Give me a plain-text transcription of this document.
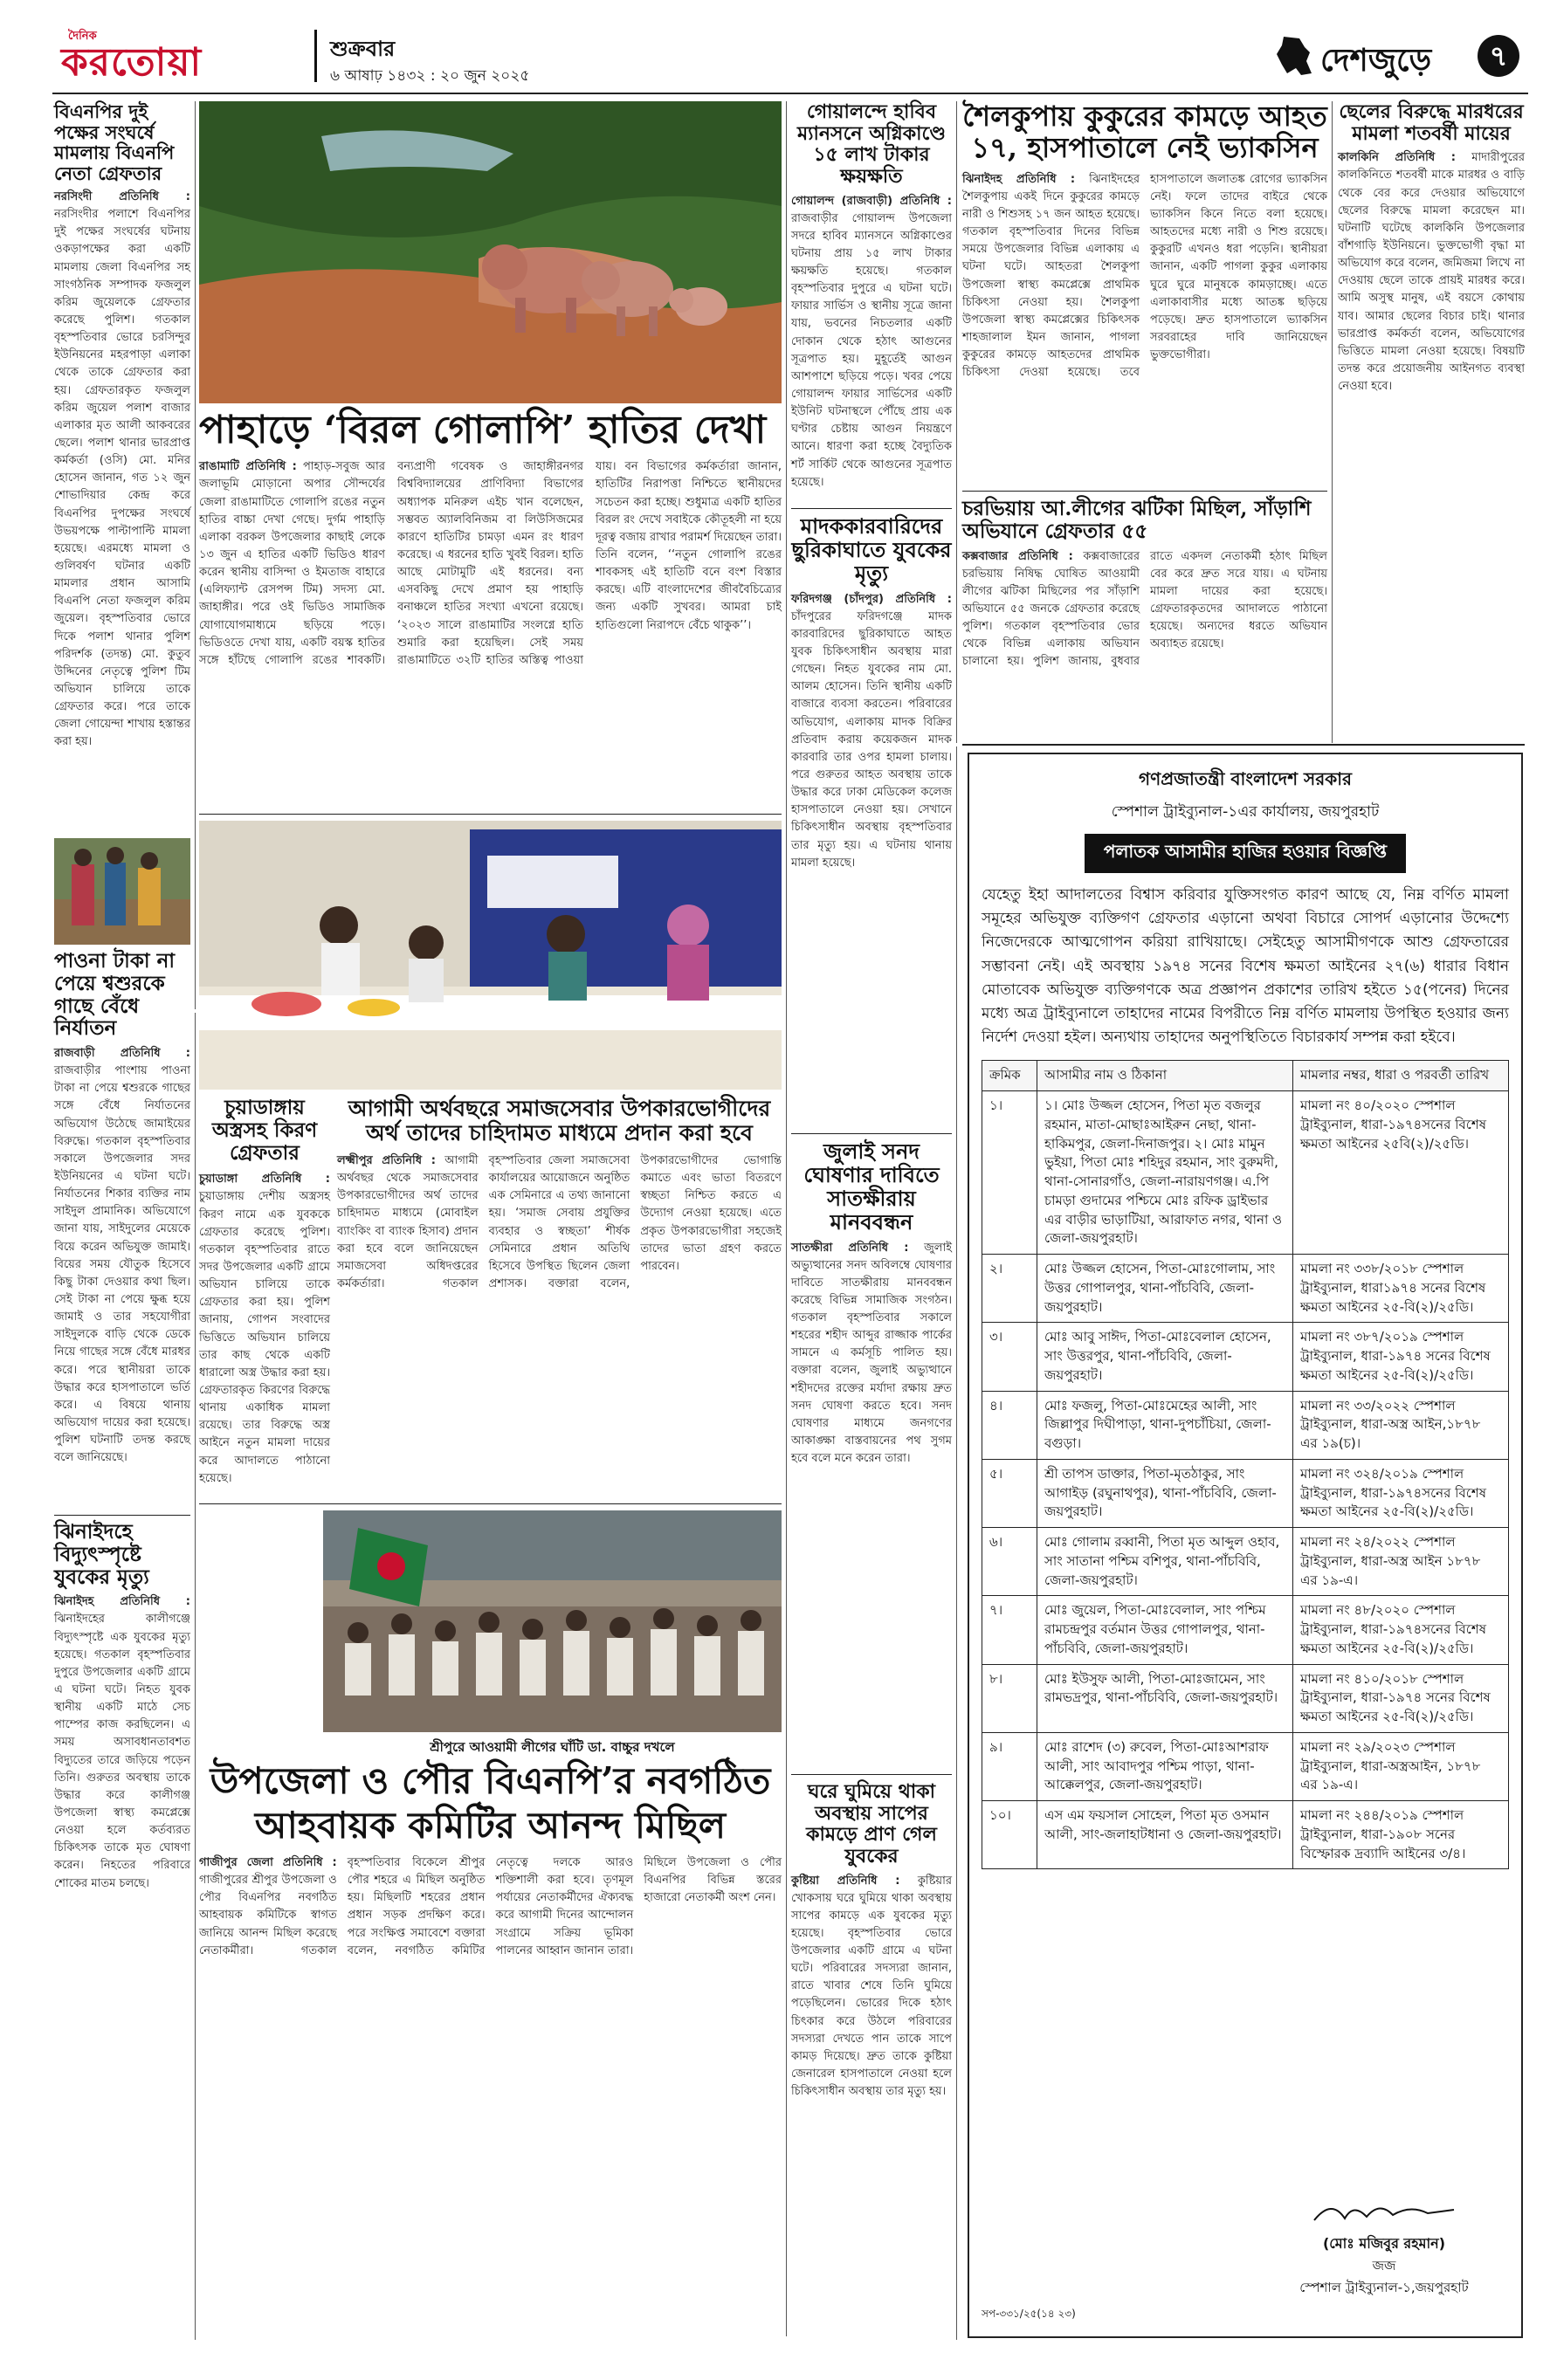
দৈনিক
করতোয়া	শুক্রবার
৬ আষাঢ় ১৪৩২ : ২০ জুন ২০২৫	দেশজুড়ে	৭
বিএনপির দুই পক্ষের সংঘর্ষে মামলায় বিএনপি নেতা গ্রেফতার
নরসিংদী প্রতিনিধি : নরসিংদীর পলাশে বিএনপির দুই পক্ষের সংঘর্ষের ঘটনায় ওকড়াপক্ষের করা একটি মামলায় জেলা বিএনপির সহ সাংগঠনিক সম্পাদক ফজলুল করিম জুয়েলকে গ্রেফতার করেছে পুলিশ। গতকাল বৃহস্পতিবার ভোরে চরসিন্দুর ইউনিয়নের মহরপাড়া এলাকা থেকে তাকে গ্রেফতার করা হয়। গ্রেফতারকৃত ফজলুল করিম জুয়েল পলাশ বাজার এলাকার মৃত আলী আকবরের ছেলে। পলাশ থানার ভারপ্রাপ্ত কর্মকর্তা (ওসি) মো. মনির হোসেন জানান, গত ১২ জুন শোভাদিয়ার কেন্দ্র করে বিএনপির দুপক্ষের সংঘর্ষে উভয়পক্ষে পাল্টাপাল্টি মামলা হয়েছে। এরমধ্যে মামলা ও গুলিবর্ষণ ঘটনার একটি মামলার প্রধান আসামি বিএনপি নেতা ফজলুল করিম জুয়েল। বৃহস্পতিবার ভোরে দিকে পলাশ থানার পুলিশ পরিদর্শক (তদন্ত) মো. কুতুব উদ্দিনের নেতৃত্বে পুলিশ টিম অভিযান চালিয়ে তাকে গ্রেফতার করে। পরে তাকে জেলা গোয়েন্দা শাখায় হস্তান্তর করা হয়।
পাওনা টাকা না পেয়ে শ্বশুরকে গাছে বেঁধে নির্যাতন
রাজবাড়ী প্রতিনিধি : রাজবাড়ীর পাংশায় পাওনা টাকা না পেয়ে শ্বশুরকে গাছের সঙ্গে বেঁধে নির্যাতনের অভিযোগ উঠেছে জামাইয়ের বিরুদ্ধে। গতকাল বৃহস্পতিবার সকালে উপজেলার সদর ইউনিয়নের এ ঘটনা ঘটে। নির্যাতনের শিকার ব্যক্তির নাম সাইদুল প্রামানিক। অভিযোগে জানা যায়, সাইদুলের মেয়েকে বিয়ে করেন অভিযুক্ত জামাই। বিয়ের সময় যৌতুক হিসেবে কিছু টাকা দেওয়ার কথা ছিল। সেই টাকা না পেয়ে ক্ষুব্ধ হয়ে জামাই ও তার সহযোগীরা সাইদুলকে বাড়ি থেকে ডেকে নিয়ে গাছের সঙ্গে বেঁধে মারধর করে। পরে স্থানীয়রা তাকে উদ্ধার করে হাসপাতালে ভর্তি করে। এ বিষয়ে থানায় অভিযোগ দায়ের করা হয়েছে। পুলিশ ঘটনাটি তদন্ত করছে বলে জানিয়েছে।
ঝিনাইদহে বিদ্যুৎস্পৃষ্টে যুবকের মৃত্যু
ঝিনাইদহ প্রতিনিধি : ঝিনাইদহের কালীগঞ্জে বিদ্যুৎস্পৃষ্টে এক যুবকের মৃত্যু হয়েছে। গতকাল বৃহস্পতিবার দুপুরে উপজেলার একটি গ্রামে এ ঘটনা ঘটে। নিহত যুবক স্থানীয় একটি মাঠে সেচ পাম্পের কাজ করছিলেন। এ সময় অসাবধানতাবশত বিদ্যুতের তারে জড়িয়ে পড়েন তিনি। গুরুতর অবস্থায় তাকে উদ্ধার করে কালীগঞ্জ উপজেলা স্বাস্থ্য কমপ্লেক্সে নেওয়া হলে কর্তব্যরত চিকিৎসক তাকে মৃত ঘোষণা করেন। নিহতের পরিবারে শোকের মাতম চলছে।
পাহাড়ে ‘বিরল গোলাপি’ হাতির দেখা
রাঙামাটি প্রতিনিধি : পাহাড়-সবুজ আর জলাভূমি মোড়ানো অপার সৌন্দর্যের জেলা রাঙামাটিতে গোলাপি রঙের নতুন হাতির বাচ্চা দেখা গেছে। দুর্গম পাহাড়ি এলাকা বরকল উপজেলার কাছাই লেকে ১৩ জুন এ হাতির একটি ভিডিও ধারণ করেন স্থানীয় বাসিন্দা ও ইমতাজ বাহারে (এলিফ্যান্ট রেসপন্স টিম) সদস্য মো. জাহাঙ্গীর। পরে ওই ভিডিও সামাজিক যোগাযোগমাধ্যমে ছড়িয়ে পড়ে। ভিডিওতে দেখা যায়, একটি বয়স্ক হাতির সঙ্গে হাঁটছে গোলাপি রঙের শাবকটি। বন্যপ্রাণী গবেষক ও জাহাঙ্গীরনগর বিশ্ববিদ্যালয়ের প্রাণিবিদ্যা বিভাগের অধ্যাপক মনিরুল এইচ খান বলেছেন, সম্ভবত অ্যালবিনিজম বা লিউসিজমের কারণে হাতিটির চামড়া এমন রং ধারণ করেছে। এ ধরনের হাতি খুবই বিরল। হাতি আছে মোটামুটি এই ধরনের। বন্য এসবকিছু দেখে প্রমাণ হয় পাহাড়ি বনাঞ্চলে হাতির সংখ্যা এখনো রয়েছে। ‘২০২৩ সালে রাঙামাটির সংলগ্নে হাতি শুমারি করা হয়েছিল। সেই সময় রাঙামাটিতে ৩২টি হাতির অস্তিত্ব পাওয়া যায়। বন বিভাগের কর্মকর্তারা জানান, হাতিটির নিরাপত্তা নিশ্চিতে স্থানীয়দের সচেতন করা হচ্ছে। শুধুমাত্র একটি হাতির বিরল রং দেখে সবাইকে কৌতূহলী না হয়ে দূরত্ব বজায় রাখার পরামর্শ দিয়েছেন তারা। তিনি বলেন, ‘‘নতুন গোলাপি রঙের শাবকসহ এই হাতিটি বনে বংশ বিস্তার করছে। এটি বাংলাদেশের জীববৈচিত্র্যের জন্য একটি সুখবর। আমরা চাই হাতিগুলো নিরাপদে বেঁচে থাকুক’’।
চুয়াডাঙ্গায় অস্ত্রসহ কিরণ গ্রেফতার
চুয়াডাঙ্গা প্রতিনিধি : চুয়াডাঙ্গায় দেশীয় অস্ত্রসহ কিরণ নামে এক যুবককে গ্রেফতার করেছে পুলিশ। গতকাল বৃহস্পতিবার রাতে সদর উপজেলার একটি গ্রামে অভিযান চালিয়ে তাকে গ্রেফতার করা হয়। পুলিশ জানায়, গোপন সংবাদের ভিত্তিতে অভিযান চালিয়ে তার কাছ থেকে একটি ধারালো অস্ত্র উদ্ধার করা হয়। গ্রেফতারকৃত কিরণের বিরুদ্ধে থানায় একাধিক মামলা রয়েছে। তার বিরুদ্ধে অস্ত্র আইনে নতুন মামলা দায়ের করে আদালতে পাঠানো হয়েছে।
আগামী অর্থবছরে সমাজসেবার উপকারভোগীদের
অর্থ তাদের চাহিদামত মাধ্যমে প্রদান করা হবে
লক্ষ্মীপুর প্রতিনিধি : আগামী অর্থবছর থেকে সমাজসেবার উপকারভোগীদের অর্থ তাদের চাহিদামত মাধ্যমে (মোবাইল ব্যাংকিং বা ব্যাংক হিসাব) প্রদান করা হবে বলে জানিয়েছেন সমাজসেবা অধিদপ্তরের কর্মকর্তারা। গতকাল বৃহস্পতিবার জেলা সমাজসেবা কার্যালয়ের আয়োজনে অনুষ্ঠিত এক সেমিনারে এ তথ্য জানানো হয়। ‘সমাজ সেবায় প্রযুক্তির ব্যবহার ও স্বচ্ছতা’ শীর্ষক সেমিনারে প্রধান অতিথি হিসেবে উপস্থিত ছিলেন জেলা প্রশাসক। বক্তারা বলেন, উপকারভোগীদের ভোগান্তি কমাতে এবং ভাতা বিতরণে স্বচ্ছতা নিশ্চিত করতে এ উদ্যোগ নেওয়া হয়েছে। এতে প্রকৃত উপকারভোগীরা সহজেই তাদের ভাতা গ্রহণ করতে পারবেন।
শ্রীপুরে আওয়ামী লীগের ঘাঁটি ডা. বাচ্চুর দখলে
উপজেলা ও পৌর বিএনপি’র নবগঠিত
আহবায়ক কমিটির আনন্দ মিছিল
গাজীপুর জেলা প্রতিনিধি : গাজীপুরের শ্রীপুর উপজেলা ও পৌর বিএনপির নবগঠিত আহবায়ক কমিটিকে স্বাগত জানিয়ে আনন্দ মিছিল করেছে নেতাকর্মীরা। গতকাল বৃহস্পতিবার বিকেলে শ্রীপুর পৌর শহরে এ মিছিল অনুষ্ঠিত হয়। মিছিলটি শহরের প্রধান প্রধান সড়ক প্রদক্ষিণ করে। পরে সংক্ষিপ্ত সমাবেশে বক্তারা বলেন, নবগঠিত কমিটির নেতৃত্বে দলকে আরও শক্তিশালী করা হবে। তৃণমূল পর্যায়ের নেতাকর্মীদের ঐক্যবদ্ধ করে আগামী দিনের আন্দোলন সংগ্রামে সক্রিয় ভূমিকা পালনের আহ্বান জানান তারা। মিছিলে উপজেলা ও পৌর বিএনপির বিভিন্ন স্তরের হাজারো নেতাকর্মী অংশ নেন।
গোয়ালন্দে হাবিব ম্যানসনে অগ্নিকাণ্ডে ১৫ লাখ টাকার ক্ষয়ক্ষতি
গোয়ালন্দ (রাজবাড়ী) প্রতিনিধি : রাজবাড়ীর গোয়ালন্দ উপজেলা সদরে হাবিব ম্যানসনে অগ্নিকাণ্ডের ঘটনায় প্রায় ১৫ লাখ টাকার ক্ষয়ক্ষতি হয়েছে। গতকাল বৃহস্পতিবার দুপুরে এ ঘটনা ঘটে। ফায়ার সার্ভিস ও স্থানীয় সূত্রে জানা যায়, ভবনের নিচতলার একটি দোকান থেকে হঠাৎ আগুনের সূত্রপাত হয়। মুহূর্তেই আগুন আশপাশে ছড়িয়ে পড়ে। খবর পেয়ে গোয়ালন্দ ফায়ার সার্ভিসের একটি ইউনিট ঘটনাস্থলে পৌঁছে প্রায় এক ঘণ্টার চেষ্টায় আগুন নিয়ন্ত্রণে আনে। ধারণা করা হচ্ছে বৈদ্যুতিক শর্ট সার্কিট থেকে আগুনের সূত্রপাত হয়েছে।
মাদককারবারিদের ছুরিকাঘাতে যুবকের মৃত্যু
ফরিদগঞ্জ (চাঁদপুর) প্রতিনিধি : চাঁদপুরের ফরিদগঞ্জে মাদক কারবারিদের ছুরিকাঘাতে আহত যুবক চিকিৎসাধীন অবস্থায় মারা গেছেন। নিহত যুবকের নাম মো. আলম হোসেন। তিনি স্থানীয় একটি বাজারে ব্যবসা করতেন। পরিবারের অভিযোগ, এলাকায় মাদক বিক্রির প্রতিবাদ করায় কয়েকজন মাদক কারবারি তার ওপর হামলা চালায়। পরে গুরুতর আহত অবস্থায় তাকে উদ্ধার করে ঢাকা মেডিকেল কলেজ হাসপাতালে নেওয়া হয়। সেখানে চিকিৎসাধীন অবস্থায় বৃহস্পতিবার তার মৃত্যু হয়। এ ঘটনায় থানায় মামলা হয়েছে।
জুলাই সনদ ঘোষণার দাবিতে সাতক্ষীরায় মানববন্ধন
সাতক্ষীরা প্রতিনিধি : জুলাই অভ্যুত্থানের সনদ অবিলম্বে ঘোষণার দাবিতে সাতক্ষীরায় মানববন্ধন করেছে বিভিন্ন সামাজিক সংগঠন। গতকাল বৃহস্পতিবার সকালে শহরের শহীদ আব্দুর রাজ্জাক পার্কের সামনে এ কর্মসূচি পালিত হয়। বক্তারা বলেন, জুলাই অভ্যুত্থানে শহীদদের রক্তের মর্যাদা রক্ষায় দ্রুত সনদ ঘোষণা করতে হবে। সনদ ঘোষণার মাধ্যমে জনগণের আকাঙ্ক্ষা বাস্তবায়নের পথ সুগম হবে বলে মনে করেন তারা।
ঘরে ঘুমিয়ে থাকা অবস্থায় সাপের কামড়ে প্রাণ গেল যুবকের
কুষ্টিয়া প্রতিনিধি : কুষ্টিয়ার খোকসায় ঘরে ঘুমিয়ে থাকা অবস্থায় সাপের কামড়ে এক যুবকের মৃত্যু হয়েছে। বৃহস্পতিবার ভোরে উপজেলার একটি গ্রামে এ ঘটনা ঘটে। পরিবারের সদস্যরা জানান, রাতে খাবার শেষে তিনি ঘুমিয়ে পড়েছিলেন। ভোরের দিকে হঠাৎ চিৎকার করে উঠলে পরিবারের সদস্যরা দেখতে পান তাকে সাপে কামড় দিয়েছে। দ্রুত তাকে কুষ্টিয়া জেনারেল হাসপাতালে নেওয়া হলে চিকিৎসাধীন অবস্থায় তার মৃত্যু হয়।
শৈলকুপায় কুকুরের কামড়ে আহত
১৭, হাসপাতালে নেই ভ্যাকসিন
ঝিনাইদহ প্রতিনিধি : ঝিনাইদহের শৈলকুপায় একই দিনে কুকুরের কামড়ে নারী ও শিশুসহ ১৭ জন আহত হয়েছে। গতকাল বৃহস্পতিবার দিনের বিভিন্ন সময়ে উপজেলার বিভিন্ন এলাকায় এ ঘটনা ঘটে। আহতরা শৈলকুপা উপজেলা স্বাস্থ্য কমপ্লেক্সে প্রাথমিক চিকিৎসা নেওয়া হয়। শৈলকুপা উপজেলা স্বাস্থ্য কমপ্লেক্সের চিকিৎসক শাহজালাল ইমন জানান, পাগলা কুকুরের কামড়ে আহতদের প্রাথমিক চিকিৎসা দেওয়া হয়েছে। তবে হাসপাতালে জলাতঙ্ক রোগের ভ্যাকসিন নেই। ফলে তাদের বাইরে থেকে ভ্যাকসিন কিনে নিতে বলা হয়েছে। আহতদের মধ্যে নারী ও শিশু রয়েছে। কুকুরটি এখনও ধরা পড়েনি। স্থানীয়রা জানান, একটি পাগলা কুকুর এলাকায় ঘুরে ঘুরে মানুষকে কামড়াচ্ছে। এতে এলাকাবাসীর মধ্যে আতঙ্ক ছড়িয়ে পড়েছে। দ্রুত হাসপাতালে ভ্যাকসিন সরবরাহের দাবি জানিয়েছেন ভুক্তভোগীরা।
চরভিয়ায় আ.লীগের ঝটিকা মিছিল, সাঁড়াশি অভিযানে গ্রেফতার ৫৫
কক্সবাজার প্রতিনিধি : কক্সবাজারের চরভিয়ায় নিষিদ্ধ ঘোষিত আওয়ামী লীগের ঝটিকা মিছিলের পর সাঁড়াশি অভিযানে ৫৫ জনকে গ্রেফতার করেছে পুলিশ। গতকাল বৃহস্পতিবার ভোর থেকে বিভিন্ন এলাকায় অভিযান চালানো হয়। পুলিশ জানায়, বুধবার রাতে একদল নেতাকর্মী হঠাৎ মিছিল বের করে দ্রুত সরে যায়। এ ঘটনায় মামলা দায়ের করা হয়েছে। গ্রেফতারকৃতদের আদালতে পাঠানো হয়েছে। অন্যদের ধরতে অভিযান অব্যাহত রয়েছে।
ছেলের বিরুদ্ধে মারধরের মামলা শতবর্ষী মায়ের
কালকিনি প্রতিনিধি : মাদারীপুরের কালকিনিতে শতবর্ষী মাকে মারধর ও বাড়ি থেকে বের করে দেওয়ার অভিযোগে ছেলের বিরুদ্ধে মামলা করেছেন মা। ঘটনাটি ঘটেছে কালকিনি উপজেলার বাঁশগাড়ি ইউনিয়নে। ভুক্তভোগী বৃদ্ধা মা অভিযোগ করে বলেন, জমিজমা লিখে না দেওয়ায় ছেলে তাকে প্রায়ই মারধর করে। আমি অসুস্থ মানুষ, এই বয়সে কোথায় যাব। আমার ছেলের বিচার চাই। থানার ভারপ্রাপ্ত কর্মকর্তা বলেন, অভিযোগের ভিত্তিতে মামলা নেওয়া হয়েছে। বিষয়টি তদন্ত করে প্রয়োজনীয় আইনগত ব্যবস্থা নেওয়া হবে।
গণপ্রজাতন্ত্রী বাংলাদেশ সরকার
স্পেশাল ট্রাইব্যুনাল-১এর কার্যালয়, জয়পুরহাট
পলাতক আসামীর হাজির হওয়ার বিজ্ঞপ্তি
যেহেতু ইহা আদালতের বিশ্বাস করিবার যুক্তিসংগত কারণ আছে যে, নিম্ন বর্ণিত মামলা সমূহের অভিযুক্ত ব্যক্তিগণ গ্রেফতার এড়ানো অথবা বিচারে সোপর্দ এড়ানোর উদ্দেশ্যে নিজেদেরকে আত্মগোপন করিয়া রাখিয়াছে। সেইহেতু আসামীগণকে আশু গ্রেফতারের সম্ভাবনা নেই। এই অবস্থায় ১৯৭৪ সনের বিশেষ ক্ষমতা আইনের ২৭(৬) ধারার বিধান মোতাবেক অভিযুক্ত ব্যক্তিগণকে অত্র প্রজ্ঞাপন প্রকাশের তারিখ হইতে ১৫(পনের) দিনের মধ্যে অত্র ট্রাইব্যুনালে তাহাদের নামের বিপরীতে নিম্ন বর্ণিত মামলায় উপস্থিত হওয়ার জন্য নির্দেশ দেওয়া হইল। অন্যথায় তাহাদের অনুপস্থিতিতে বিচারকার্য সম্পন্ন করা হইবে।
ক্রমিক	আসামীর নাম ও ঠিকানা	মামলার নম্বর, ধারা ও পরবর্তী তারিখ
১।	১। মোঃ উজ্জল হোসেন, পিতা মৃত বজলুর রহমান, মাতা-মোছাঃআইরুন নেছা, থানা-হাকিমপুর, জেলা-দিনাজপুর। ২। মোঃ মামুন ভুইয়া, পিতা মোঃ শহিদুর রহমান, সাং বুরুমদী, থানা-সোনারগাঁও, জেলা-নারায়ণগঞ্জ। এ.পি চামড়া গুদামের পশ্চিমে মোঃ রফিক ড্রাইভার এর বাড়ীর ভাড়াটিয়া, আরাফাত নগর, থানা ও জেলা-জয়পুরহাট।	মামলা নং ৪০/২০২০ স্পেশাল ট্রাইব্যুনাল, ধারা-১৯৭৪সনের বিশেষ ক্ষমতা আইনের ২৫বি(২)/২৫ডি।
২।	মোঃ উজ্জল হোসেন, পিতা-মোঃগোলাম, সাং উত্তর গোপালপুর, থানা-পাঁচবিবি, জেলা-জয়পুরহাট।	মামলা নং ৩৩৮/২০১৮ স্পেশাল ট্রাইব্যুনাল, ধারা১৯৭৪ সনের বিশেষ ক্ষমতা আইনের ২৫-বি(২)/২৫ডি।
৩।	মোঃ আবু সাঈদ, পিতা-মোঃবেলাল হোসেন, সাং উত্তরপুর, থানা-পাঁচবিবি, জেলা-জয়পুরহাট।	মামলা নং ৩৮৭/২০১৯ স্পেশাল ট্রাইব্যুনাল, ধারা-১৯৭৪ সনের বিশেষ ক্ষমতা আইনের ২৫-বি(২)/২৫ডি।
৪।	মোঃ ফজলু, পিতা-মোঃমেহের আলী, সাং জিল্লাপুর দিঘীপাড়া, থানা-দুপচাঁচিয়া, জেলা-বগুড়া।	মামলা নং ৩৩/২০২২ স্পেশাল ট্রাইব্যুনাল, ধারা-অস্ত্র আইন,১৮৭৮ এর ১৯(চ)।
৫।	শ্রী তাপস ডাক্তার, পিতা-মৃতঠাকুর, সাং আগাইড় (রঘুনাথপুর), থানা-পাঁচবিবি, জেলা-জয়পুরহাট।	মামলা নং ৩২৪/২০১৯ স্পেশাল ট্রাইব্যুনাল, ধারা-১৯৭৪সনের বিশেষ ক্ষমতা আইনের ২৫-বি(২)/২৫ডি।
৬।	মোঃ গোলাম রব্বানী, পিতা মৃত আব্দুল ওহাব, সাং সাতানা পশ্চিম বশিপুর, থানা-পাঁচবিবি, জেলা-জয়পুরহাট।	মামলা নং ২৪/২০২২ স্পেশাল ট্রাইব্যুনাল, ধারা-অস্ত্র আইন ১৮৭৮ এর ১৯-এ।
৭।	মোঃ জুয়েল, পিতা-মোঃবেলাল, সাং পশ্চিম রামচন্দ্রপুর বর্তমান উত্তর গোপালপুর, থানা-পাঁচবিবি, জেলা-জয়পুরহাট।	মামলা নং ৪৮/২০২০ স্পেশাল ট্রাইব্যুনাল, ধারা-১৯৭৪সনের বিশেষ ক্ষমতা আইনের ২৫-বি(২)/২৫ডি।
৮।	মোঃ ইউসুফ আলী, পিতা-মোঃজামেন, সাং রামভদ্রপুর, থানা-পাঁচবিবি, জেলা-জয়পুরহাট।	মামলা নং ৪১০/২০১৮ স্পেশাল ট্রাইব্যুনাল, ধারা-১৯৭৪ সনের বিশেষ ক্ষমতা আইনের ২৫-বি(২)/২৫ডি।
৯।	মোঃ রাশেদ (৩) রুবেল, পিতা-মোঃআশরাফ আলী, সাং আবাদপুর পশ্চিম পাড়া, থানা-আক্কেলপুর, জেলা-জয়পুরহাট।	মামলা নং ২৯/২০২৩ স্পেশাল ট্রাইব্যুনাল, ধারা-অস্ত্রআইন, ১৮৭৮ এর ১৯-এ।
১০।	এস এম ফয়সাল সোহেল, পিতা মৃত ওসমান আলী, সাং-জলাহাটধানা ও জেলা-জয়পুরহাট।	মামলা নং ২৪৪/২০১৯ স্পেশাল ট্রাইব্যুনাল, ধারা-১৯০৮ সনের বিস্ফোরক দ্রব্যাদি আইনের ৩/৪।
(মোঃ মজিবুর রহমান)
জজ
স্পেশাল ট্রাইব্যুনাল-১,জয়পুরহাট
সপ-৩৩১/২৫(১৪ ২৩)
